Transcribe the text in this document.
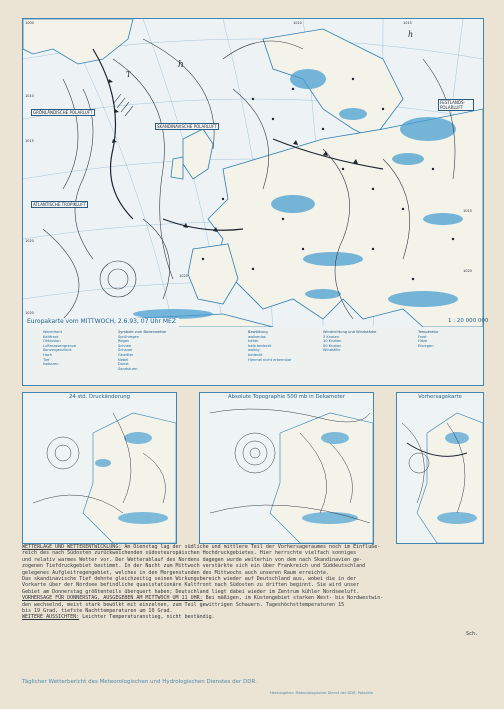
h
T
h
GRÖNLÄNDISCHE POLARLUFT
SKANDINAVISCHE POLARLUFT
ATLANTISCHE TROPIKLUFT
FESTLANDS-POLARLUFT
1000
1010
1015
1020
1025
1015
1020
1010	1015
1020
Europakarte vom MITTWOCH, 2.6.93, 07 Uhr MEZ	1 : 20 000 000
Warmfront
Kaltfront
Okklusion
Luftmassengrenze
Konvergenzlinie
Hoch
Tief
Isobaren
Symbole zum Bodenwetter
Sprühregen
Regen
Schnee
Schauer
Gewitter
Nebel
Dunst
Sandsturm
Bewölkung
wolkenlos
heiter
halb bedeckt
wolkig
bedeckt
Himmel nicht erkennbar
Windrichtung und Windstärke
5 Knoten
10 Knoten
50 Knoten
Windstille
Temperatur
Frost
Hitze
Eisregen
24 std. Druckänderung	Absolute Topographie 500 mb in Dekameter	Vorhersagekarte

WETTERLAGE UND WETTERENTWICKLUNG: Am Dienstag lag der südliche und mittlere Teil der Vorhersageraumes noch im Einfluße-

reich des nach Südosten zurückweichenden südosteuropäischen Hochdruckgebietes. Hier herrschte vielfach sonniges

und relativ warmes Wetter vor. Der Wetterablauf des Nordens dagegen wurde weiterhin von dem nach Skandinavien ge-

zogenen Tiefdruckgebiet bestimmt. In der Nacht zum Mittwoch verstärkte sich ein über Frankreich und Süddeutschland

gelegenes Aufgleitregengebiet, welches in den Morgenstunden des Mittwochs auch unseren Raum erreichte.

Das skandinavische Tief dehnte gleichzeitig seinen Wirkungsbereich wieder auf Deutschland aus, wobei die in der

Vorkarte über der Nordsee befindliche quasistationäre Kaltfront nach Südosten zu driften beginnt. Sie wird unser

Gebiet am Donnerstag größtenteils überquert haben; Deutschland liegt dabei wieder im Zentrum kühler Nordseeluft.

VORHERSAGE FÜR DONNERSTAG, AUSGEGEBEN AM MITTWOCH UM 11 UHR: Bei mäßigen, im Küstengebiet starken West- bis Nordwestwin-

den wechselnd, meist stark bewölkt mit einzelnen, zum Teil gewittrigen Schauern. Tageshöchsttemperaturen 15

bis 19 Grad, tiefste Nachttemperaturen um 10 Grad.

WEITERE AUSSICHTEN: Leichter Temperaturanstieg, nicht beständig.

Sch.
Täglicher Wetterbericht des Meteorologischen und Hydrologischen Dienstes der DDR.
Herausgeber: Meteorologischer Dienst der DDR, Potsdam
